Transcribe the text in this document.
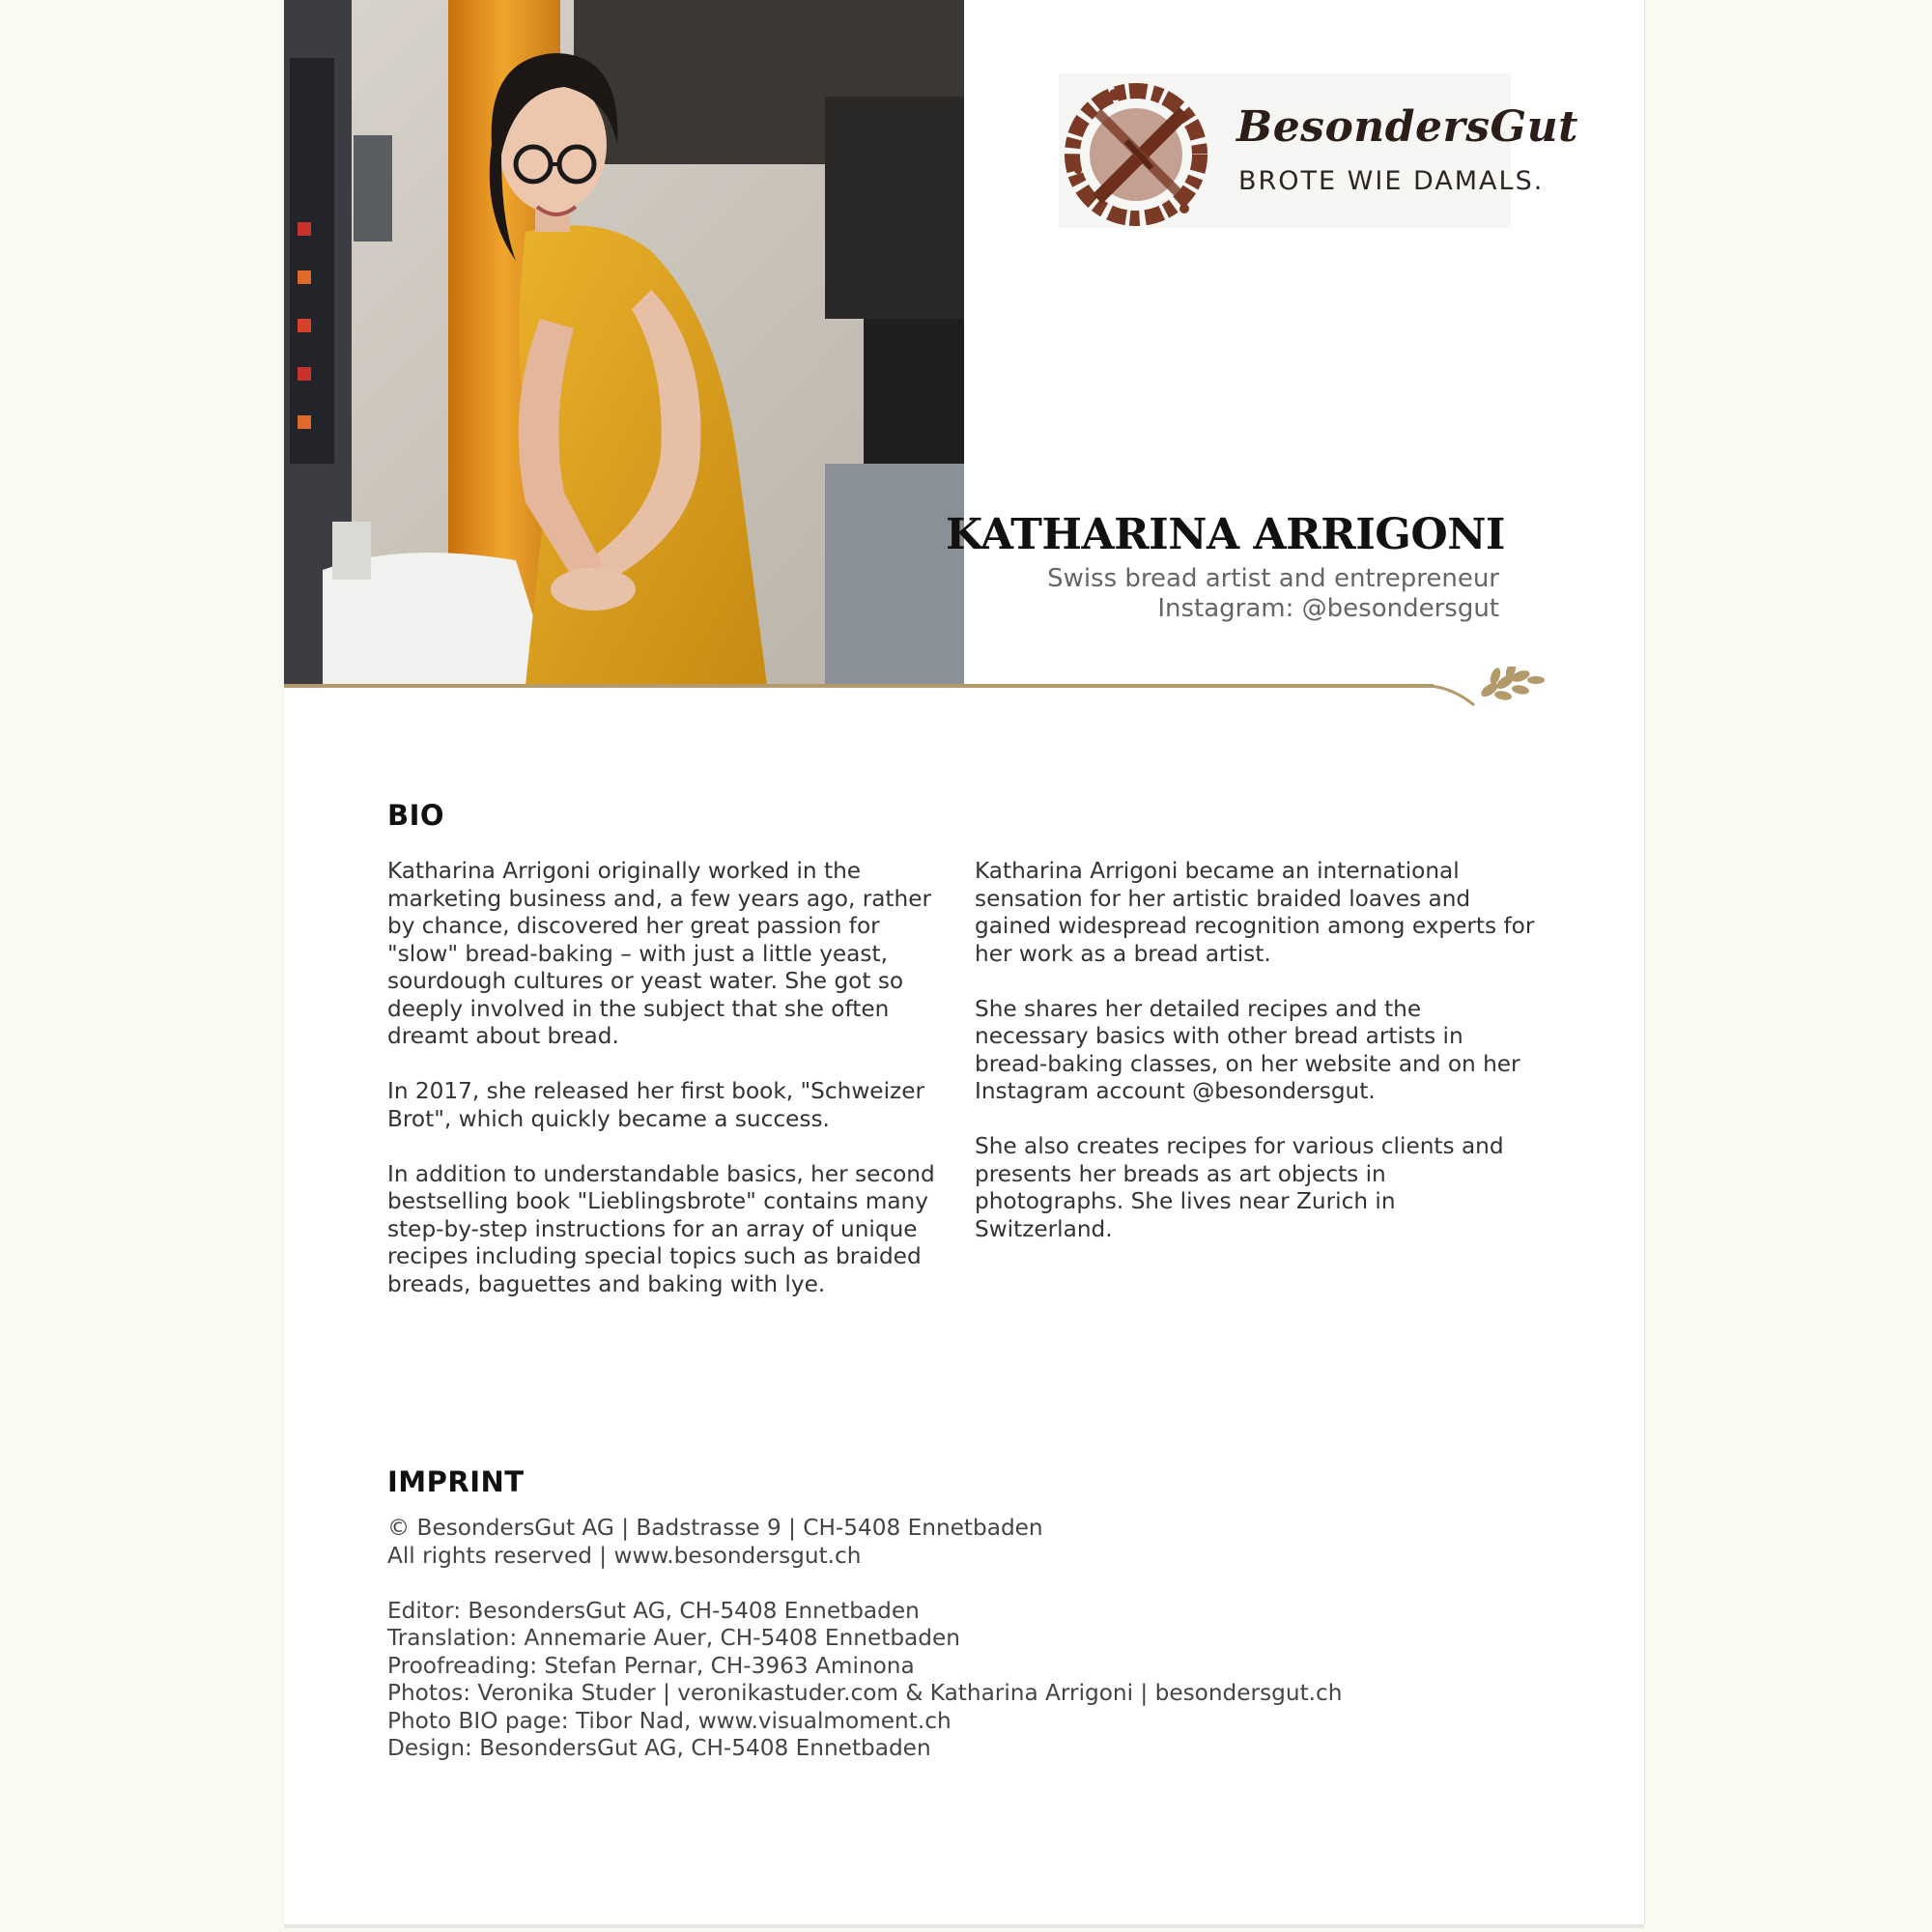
BesondersGut
BROTE WIE DAMALS.
KATHARINA ARRIGONI
Swiss bread artist and entrepreneur
Instagram: @besondersgut
BIO

Katharina Arrigoni originally worked in the marketing business and, a few years ago, rather by chance, discovered her great passion for "slow" bread-baking – with just a little yeast, sourdough cultures or yeast water. She got so deeply involved in the subject that she often dreamt about bread.

In 2017, she released her first book, "Schweizer Brot", which quickly became a success.

In addition to understandable basics, her second bestselling book "Lieblingsbrote" contains many step-by-step instructions for an array of unique recipes including special topics such as braided breads, baguettes and baking with lye.

Katharina Arrigoni became an international sensation for her artistic braided loaves and gained widespread recognition among experts for her work as a bread artist.

She shares her detailed recipes and the necessary basics with other bread artists in bread-baking classes, on her website and on her Instagram account @besondersgut.

She also creates recipes for various clients and presents her breads as art objects in photographs. She lives near Zurich in Switzerland.

IMPRINT
© BesondersGut AG | Badstrasse 9 | CH-5408 Ennetbaden
All rights reserved | www.besondersgut.ch
Editor: BesondersGut AG, CH-5408 Ennetbaden
Translation: Annemarie Auer, CH-5408 Ennetbaden
Proofreading: Stefan Pernar, CH-3963 Aminona
Photos: Veronika Studer | veronikastuder.com & Katharina Arrigoni | besondersgut.ch
Photo BIO page: Tibor Nad, www.visualmoment.ch
Design: BesondersGut AG, CH-5408 Ennetbaden
